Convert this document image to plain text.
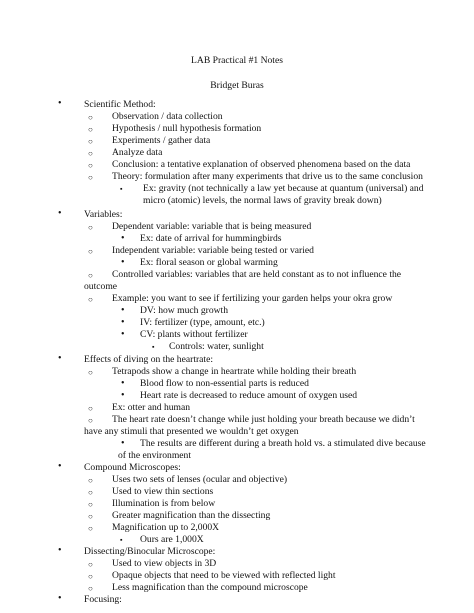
LAB Practical #1 Notes
Bridget Buras
• Scientific Method:
○ Observation / data collection
○ Hypothesis / null hypothesis formation
○ Experiments / gather data
○ Analyze data
○ Conclusion: a tentative explanation of observed phenomena based on the data
○ Theory: formulation after many experiments that drive us to the same conclusion
▪ Ex: gravity (not technically a law yet because at quantum (universal) and
micro (atomic) levels, the normal laws of gravity break down)
• Variables:
○ Dependent variable: variable that is being measured
• Ex: date of arrival for hummingbirds
○ Independent variable: variable being tested or varied
• Ex: floral season or global warming
○ Controlled variables: variables that are held constant as to not influence the
outcome
○ Example: you want to see if fertilizing your garden helps your okra grow
• DV: how much growth
• IV: fertilizer (type, amount, etc.)
• CV: plants without fertilizer
▪ Controls: water, sunlight
• Effects of diving on the heartrate:
○ Tetrapods show a change in heartrate while holding their breath
• Blood flow to non-essential parts is reduced
• Heart rate is decreased to reduce amount of oxygen used
○ Ex: otter and human
○ The heart rate doesn’t change while just holding your breath because we didn’t
have any stimuli that presented we wouldn’t get oxygen
• The results are different during a breath hold vs. a stimulated dive because
of the environment
• Compound Microscopes:
○ Uses two sets of lenses (ocular and objective)
○ Used to view thin sections
○ Illumination is from below
○ Greater magnification than the dissecting
○ Magnification up to 2,000X
▪ Ours are 1,000X
• Dissecting/Binocular Microscope:
○ Used to view objects in 3D
○ Opaque objects that need to be viewed with reflected light
○ Less magnification than the compound microscope
• Focusing:
